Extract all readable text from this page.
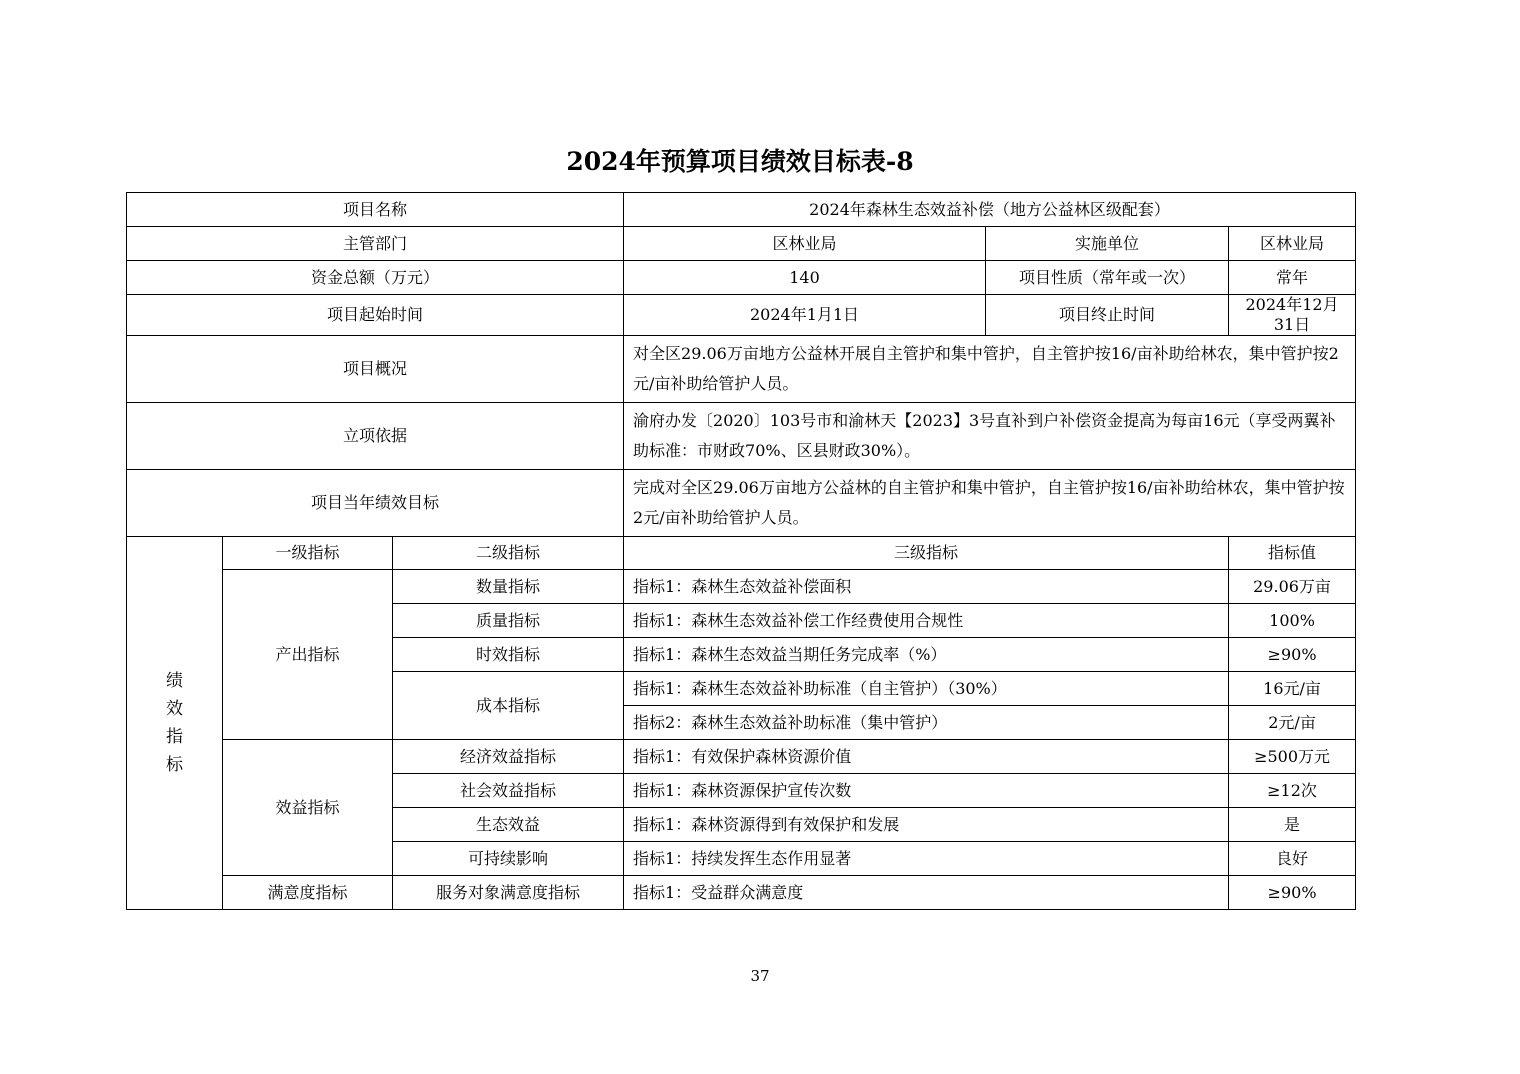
2024年预算项目绩效目标表-8
项目名称			2024年森林生态效益补偿（地方公益林区级配套）		
主管部门			区林业局	实施单位	区林业局
资金总额（万元）			140	项目性质（常年或一次）	常年
项目起始时间			2024年1月1日	项目终止时间	2024年12月31日
项目概况			对全区29.06万亩地方公益林开展自主管护和集中管护，自主管护按16/亩补助给林农，集中管护按2元/亩补助给管护人员。		
立项依据			渝府办发〔2020〕103号市和渝林天【2023】3号直补到户补偿资金提高为每亩16元（享受两翼补助标准：市财政70%、区县财政30%）。		
项目当年绩效目标			完成对全区29.06万亩地方公益林的自主管护和集中管护，自主管护按16/亩补助给林农，集中管护按2元/亩补助给管护人员。		
绩
效
指
标	一级指标	二级指标	三级指标		指标值
	产出指标	数量指标	指标1：森林生态效益补偿面积		29.06万亩
		质量指标	指标1：森林生态效益补偿工作经费使用合规性		100%
		时效指标	指标1：森林生态效益当期任务完成率（%）		≥90%
		成本指标	指标1：森林生态效益补助标准（自主管护）（30%）		16元/亩
			指标2：森林生态效益补助标准（集中管护）		2元/亩
	效益指标	经济效益指标	指标1：有效保护森林资源价值		≥500万元
		社会效益指标	指标1：森林资源保护宣传次数		≥12次
		生态效益	指标1：森林资源得到有效保护和发展		是
		可持续影响	指标1：持续发挥生态作用显著		良好
	满意度指标	服务对象满意度指标	指标1：受益群众满意度		≥90%
37
